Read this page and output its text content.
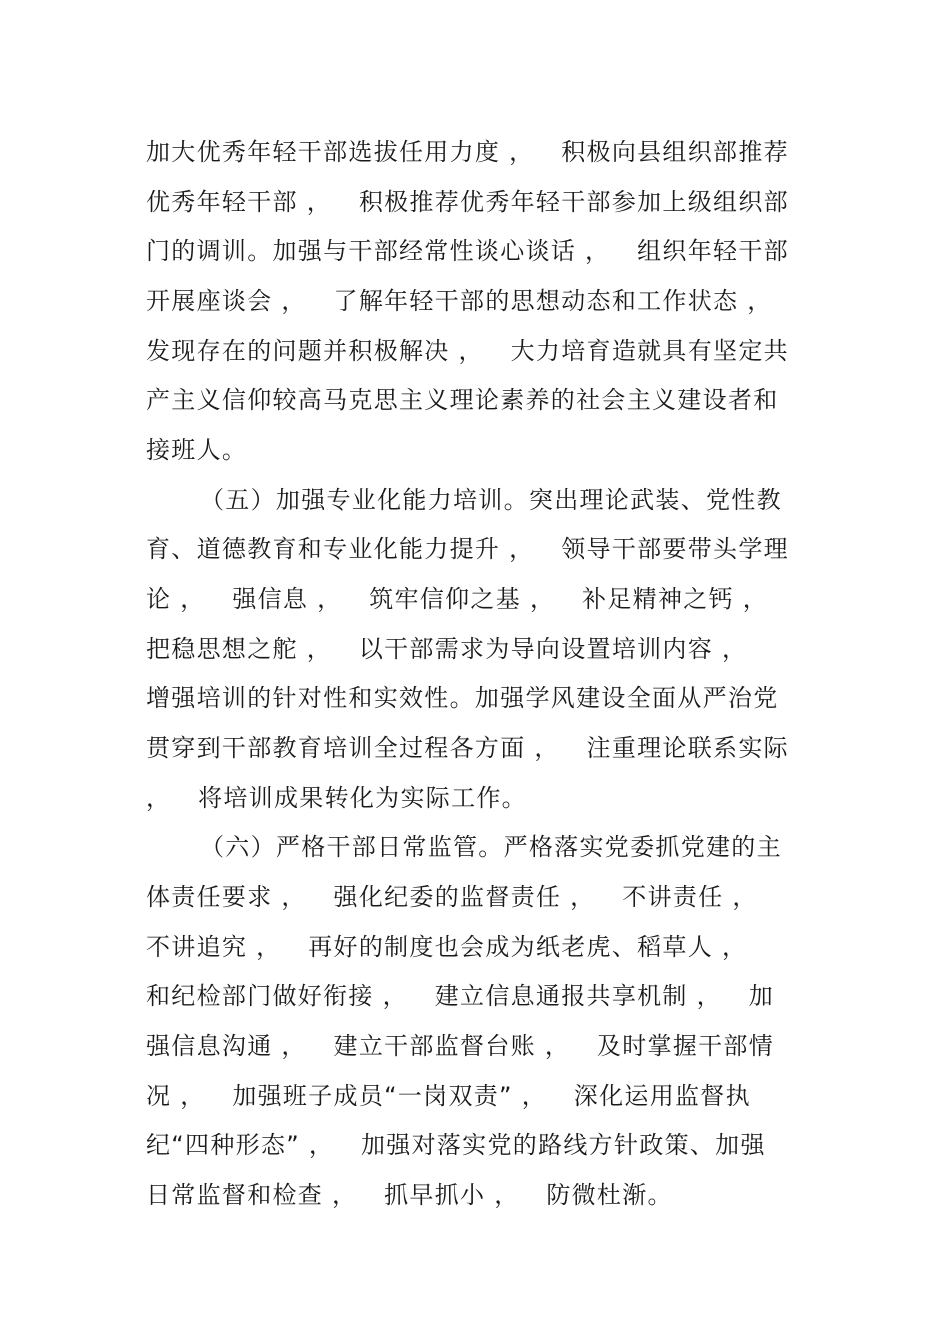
加大优秀年轻干部选拔任用力度 ，   积极向县组织部推荐
优秀年轻干部 ，   积极推荐优秀年轻干部参加上级组织部
门的调训。加强与干部经常性谈心谈话 ，   组织年轻干部
开展座谈会 ，   了解年轻干部的思想动态和工作状态 ，
发现存在的问题并积极解决 ，   大力培育造就具有坚定共
产主义信仰较高马克思主义理论素养的社会主义建设者和
接班人。
（五）加强专业化能力培训。突出理论武装、党性教
育、道德教育和专业化能力提升 ，   领导干部要带头学理
论 ，   强信息 ，   筑牢信仰之基 ，   补足精神之钙 ，
把稳思想之舵 ，   以干部需求为导向设置培训内容 ，
增强培训的针对性和实效性。加强学风建设全面从严治党
贯穿到干部教育培训全过程各方面 ，   注重理论联系实际
，   将培训成果转化为实际工作。
（六）严格干部日常监管。严格落实党委抓党建的主
体责任要求 ，   强化纪委的监督责任 ，   不讲责任 ，
不讲追究 ，   再好的制度也会成为纸老虎、稻草人 ，
和纪检部门做好衔接 ，   建立信息通报共享机制 ，   加
强信息沟通 ，   建立干部监督台账 ，   及时掌握干部情
况 ，   加强班子成员“一岗双责” ，   深化运用监督执
纪“四种形态” ，   加强对落实党的路线方针政策、加强
日常监督和检查 ，   抓早抓小 ，   防微杜渐。
